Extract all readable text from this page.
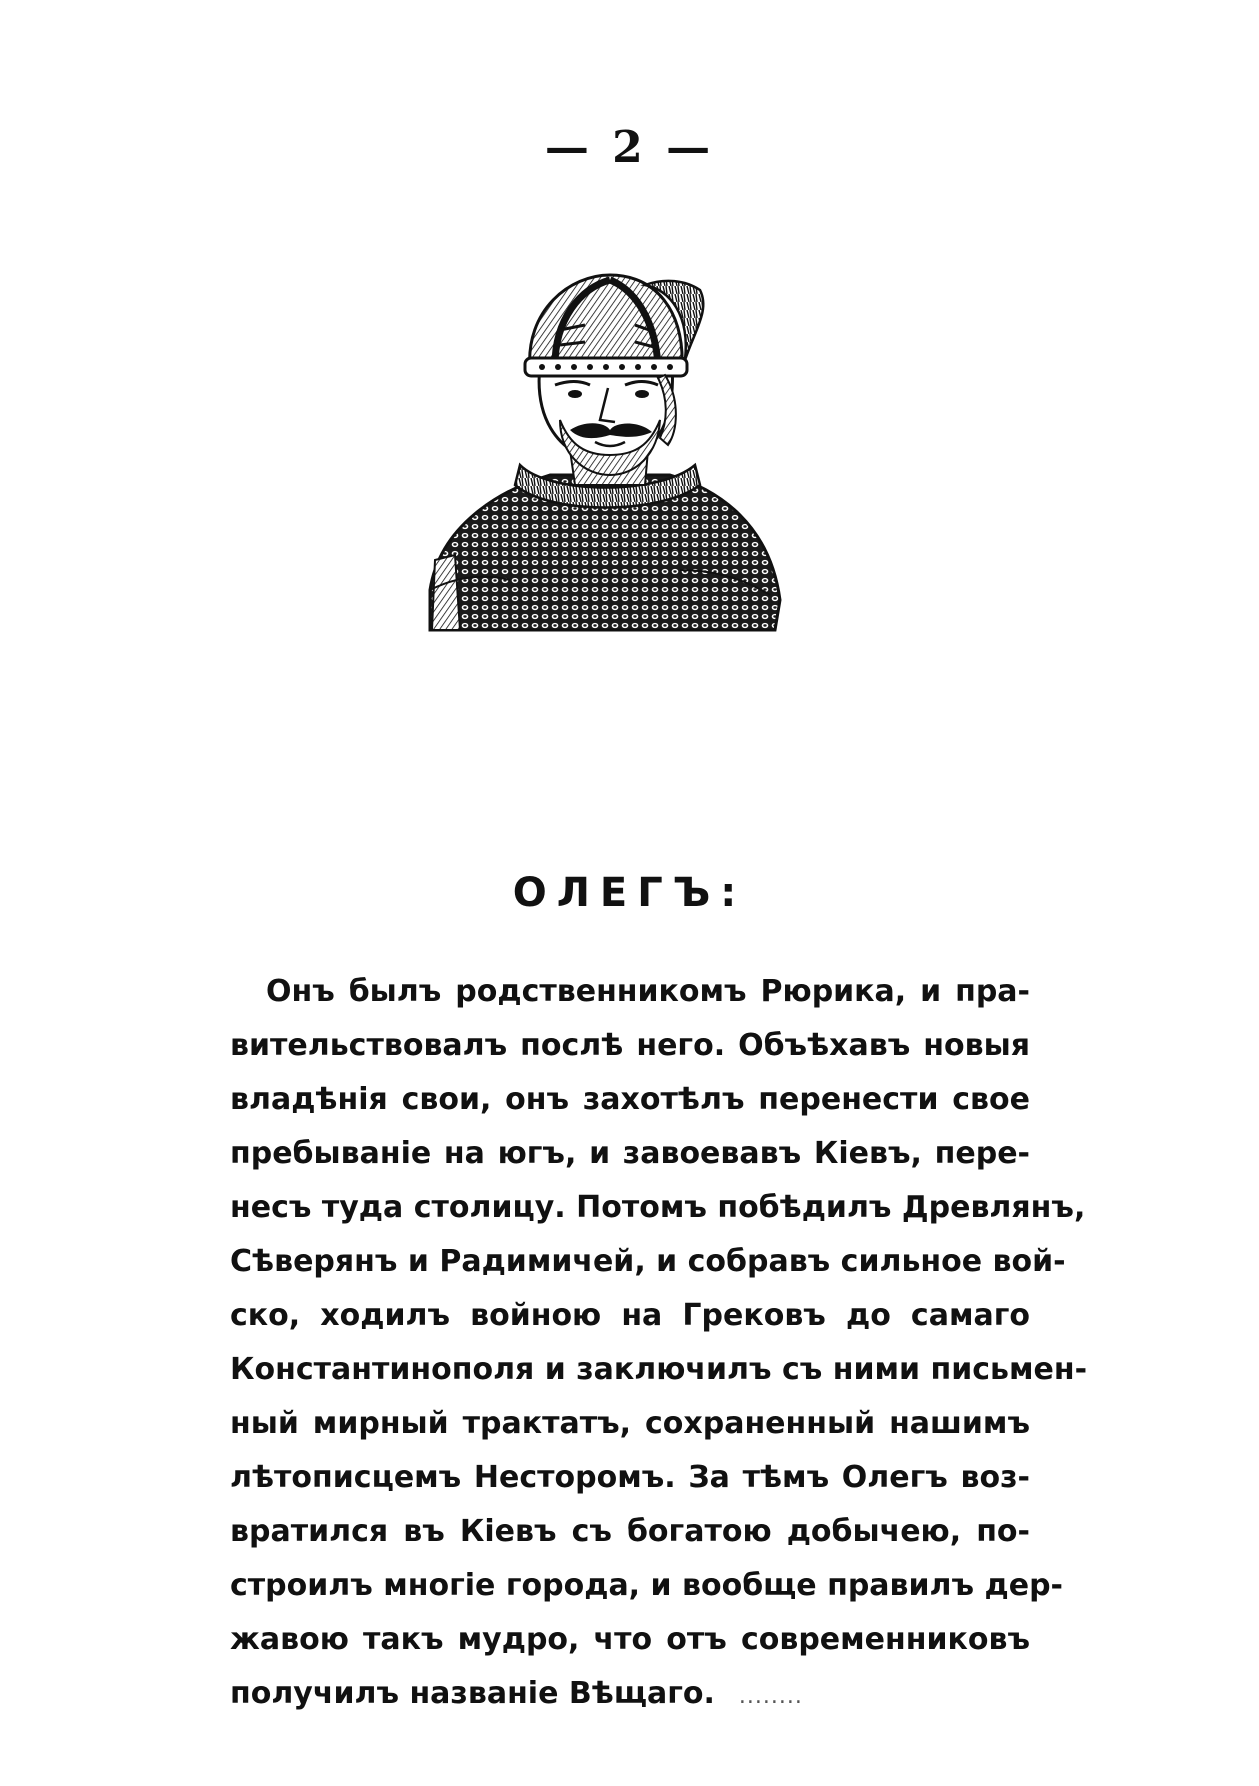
— 2 —
ОЛЕГЪ:
Онъ былъ родственникомъ Рюрика, и пра-
вительствовалъ послѣ него. Объѣхавъ новыя
владѣнія свои, онъ захотѣлъ перенести свое
пребываніе на югъ, и завоевавъ Кіевъ, пере-
несъ туда столицу. Потомъ побѣдилъ Древлянъ,
Сѣверянъ и Радимичей, и собравъ сильное вой-
ско, ходилъ войною на Грековъ до самаго
Константинополя и заключилъ съ ними письмен-
ный мирный трактатъ, сохраненный нашимъ
лѣтописцемъ Несторомъ. За тѣмъ Олегъ воз-
вратился въ Кіевъ съ богатою добычею, по-
строилъ многіе города, и вообще правилъ дер-
жавою такъ мудро, что отъ современниковъ
получилъ названіе Вѣщаго. ........
